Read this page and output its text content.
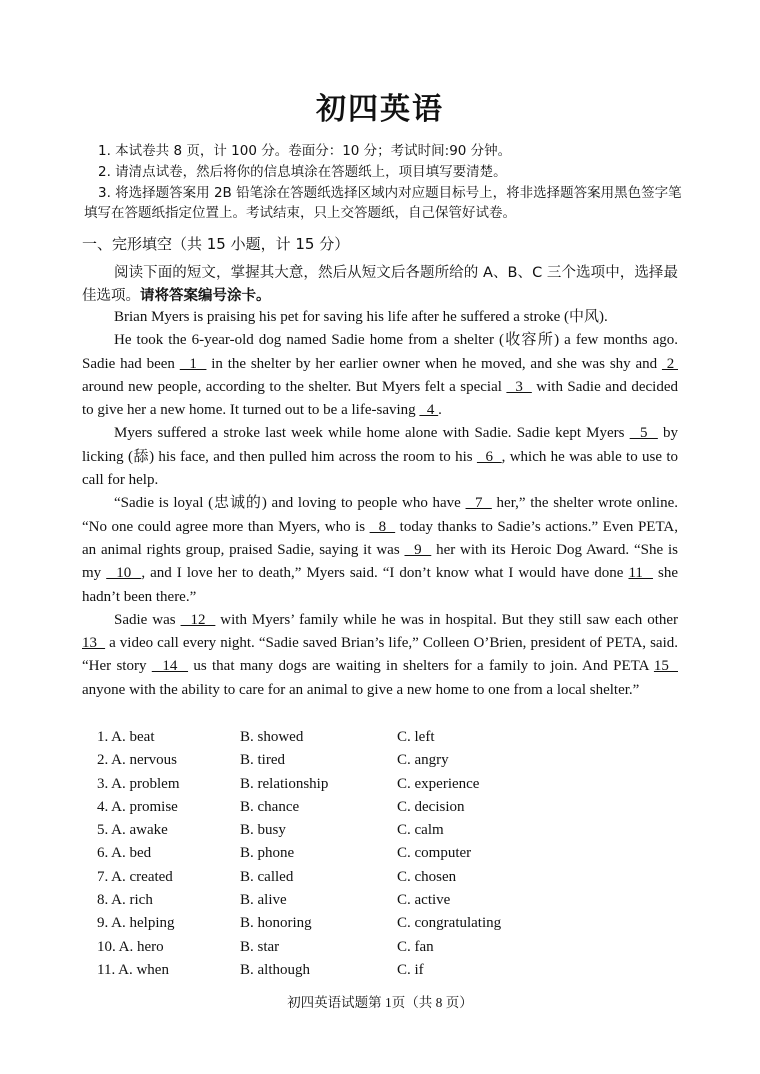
初四英语
1. 本试卷共 8 页，计 100 分。卷面分：10 分；考试时间:90 分钟。
2. 请清点试卷，然后将你的信息填涂在答题纸上，项目填写要清楚。
3. 将选择题答案用 2B 铅笔涂在答题纸选择区域内对应题目标号上，将非选择题答案用黑色签字笔填写在答题纸指定位置上。考试结束，只上交答题纸，自己保管好试卷。
一、完形填空（共 15 小题，计 15 分）
阅读下面的短文，掌握其大意，然后从短文后各题所给的 A、B、C 三个选项中，选择最佳选项。请将答案编号涂卡。

Brian Myers is praising his pet for saving his life after he suffered a stroke (中风).

He took the 6-year-old dog named Sadie home from a shelter (收容所) a few months ago. Sadie had been   1   in the shelter by her earlier owner when he moved, and she was shy and  2  around new people, according to the shelter. But Myers felt a special   3   with Sadie and decided to give her a new home. It turned out to be a life-saving   4 .

Myers suffered a stroke last week while home alone with Sadie. Sadie kept Myers   5   by licking (舔) his face, and then pulled him across the room to his   6  , which he was able to use to call for help.

“Sadie is loyal (忠诚的) and loving to people who have   7   her,” the shelter wrote online. “No one could agree more than Myers, who is   8   today thanks to Sadie’s actions.” Even PETA, an animal rights group, praised Sadie, saying it was   9   her with its Heroic Dog Award. “She is my   10  , and I love her to death,” Myers said. “I don’t know what I would have done 11   she hadn’t been there.”

Sadie was   12   with Myers’ family while he was in hospital. But they still saw each other 13   a video call every night. “Sadie saved Brian’s life,” Colleen O’Brien, president of PETA, said. “Her story   14   us that many dogs are waiting in shelters for a family to join. And PETA 15   anyone with the ability to care for an animal to give a new home to one from a local shelter.”

1. A. beat	B. showed	C. left
2. A. nervous	B. tired	C. angry
3. A. problem	B. relationship	C. experience
4. A. promise	B. chance	C. decision
5. A. awake	B. busy	C. calm
6. A. bed	B. phone	C. computer
7. A. created	B. called	C. chosen
8. A. rich	B. alive	C. active
9. A. helping	B. honoring	C. congratulating
10. A. hero	B. star	C. fan
11. A. when	B. although	C. if
初四英语试题第 1页（共 8 页）
